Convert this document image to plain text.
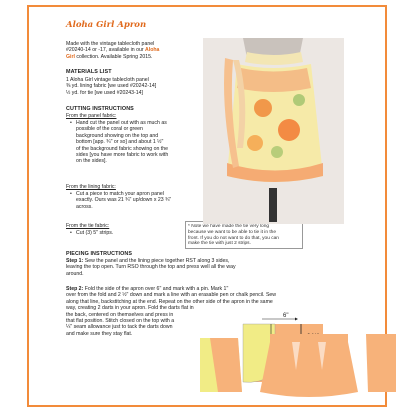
Aloha Girl Apron
Made with the vintage tablecloth panel
#20240-14 or -17, available in our Aloha
Girl collection. Available Spring 2015.
MATERIALS LIST
1 Aloha Girl vintage tablecloth panel
⅜ yd. lining fabric [we used #20242-14]
½ yd. for tie [we used #20243-14]
CUTTING INSTRUCTIONS
From the panel fabric:
• Hand cut the panel out with as much as
possible of the coral or green
background showing on the top and
bottom [app. ¾" or so] and about 1 ½"
of the background fabric showing on the
sides [you have more fabric to work with
on the sides].
From the lining fabric:
• Cut a piece to match your apron panel
exactly. Ours was 21 ¾" up/down x 23 ¾"
across.
From the tie fabric:
• Cut (3) 5" strips.
* Note we have made the tie very long
because we want to be able to tie it in the
front. If you do not want to do that, you can
make the tie with just 2 strips.
PIECING INSTRUCTIONS
Step 1: Sew the panel and the lining piece together RST along 3 sides,
leaving the top open. Turn RSO through the top and press well all the way
around.
Step 2: Fold the side of the apron over 6" and mark with a pin. Mark 1"
over from the fold and 2 ½" down and mark a line with an erasable pen or chalk pencil. Sew
along that line, backstitching at the end. Repeat on the other side of the apron in the same
way, creating 2 darts in your apron. Fold the darts flat in
the back, centered on themselves and press in
that flat position. Stitch closed on the top with a
¼" seam allowance just to tack the darts down
and make sure they stay flat.
6"
